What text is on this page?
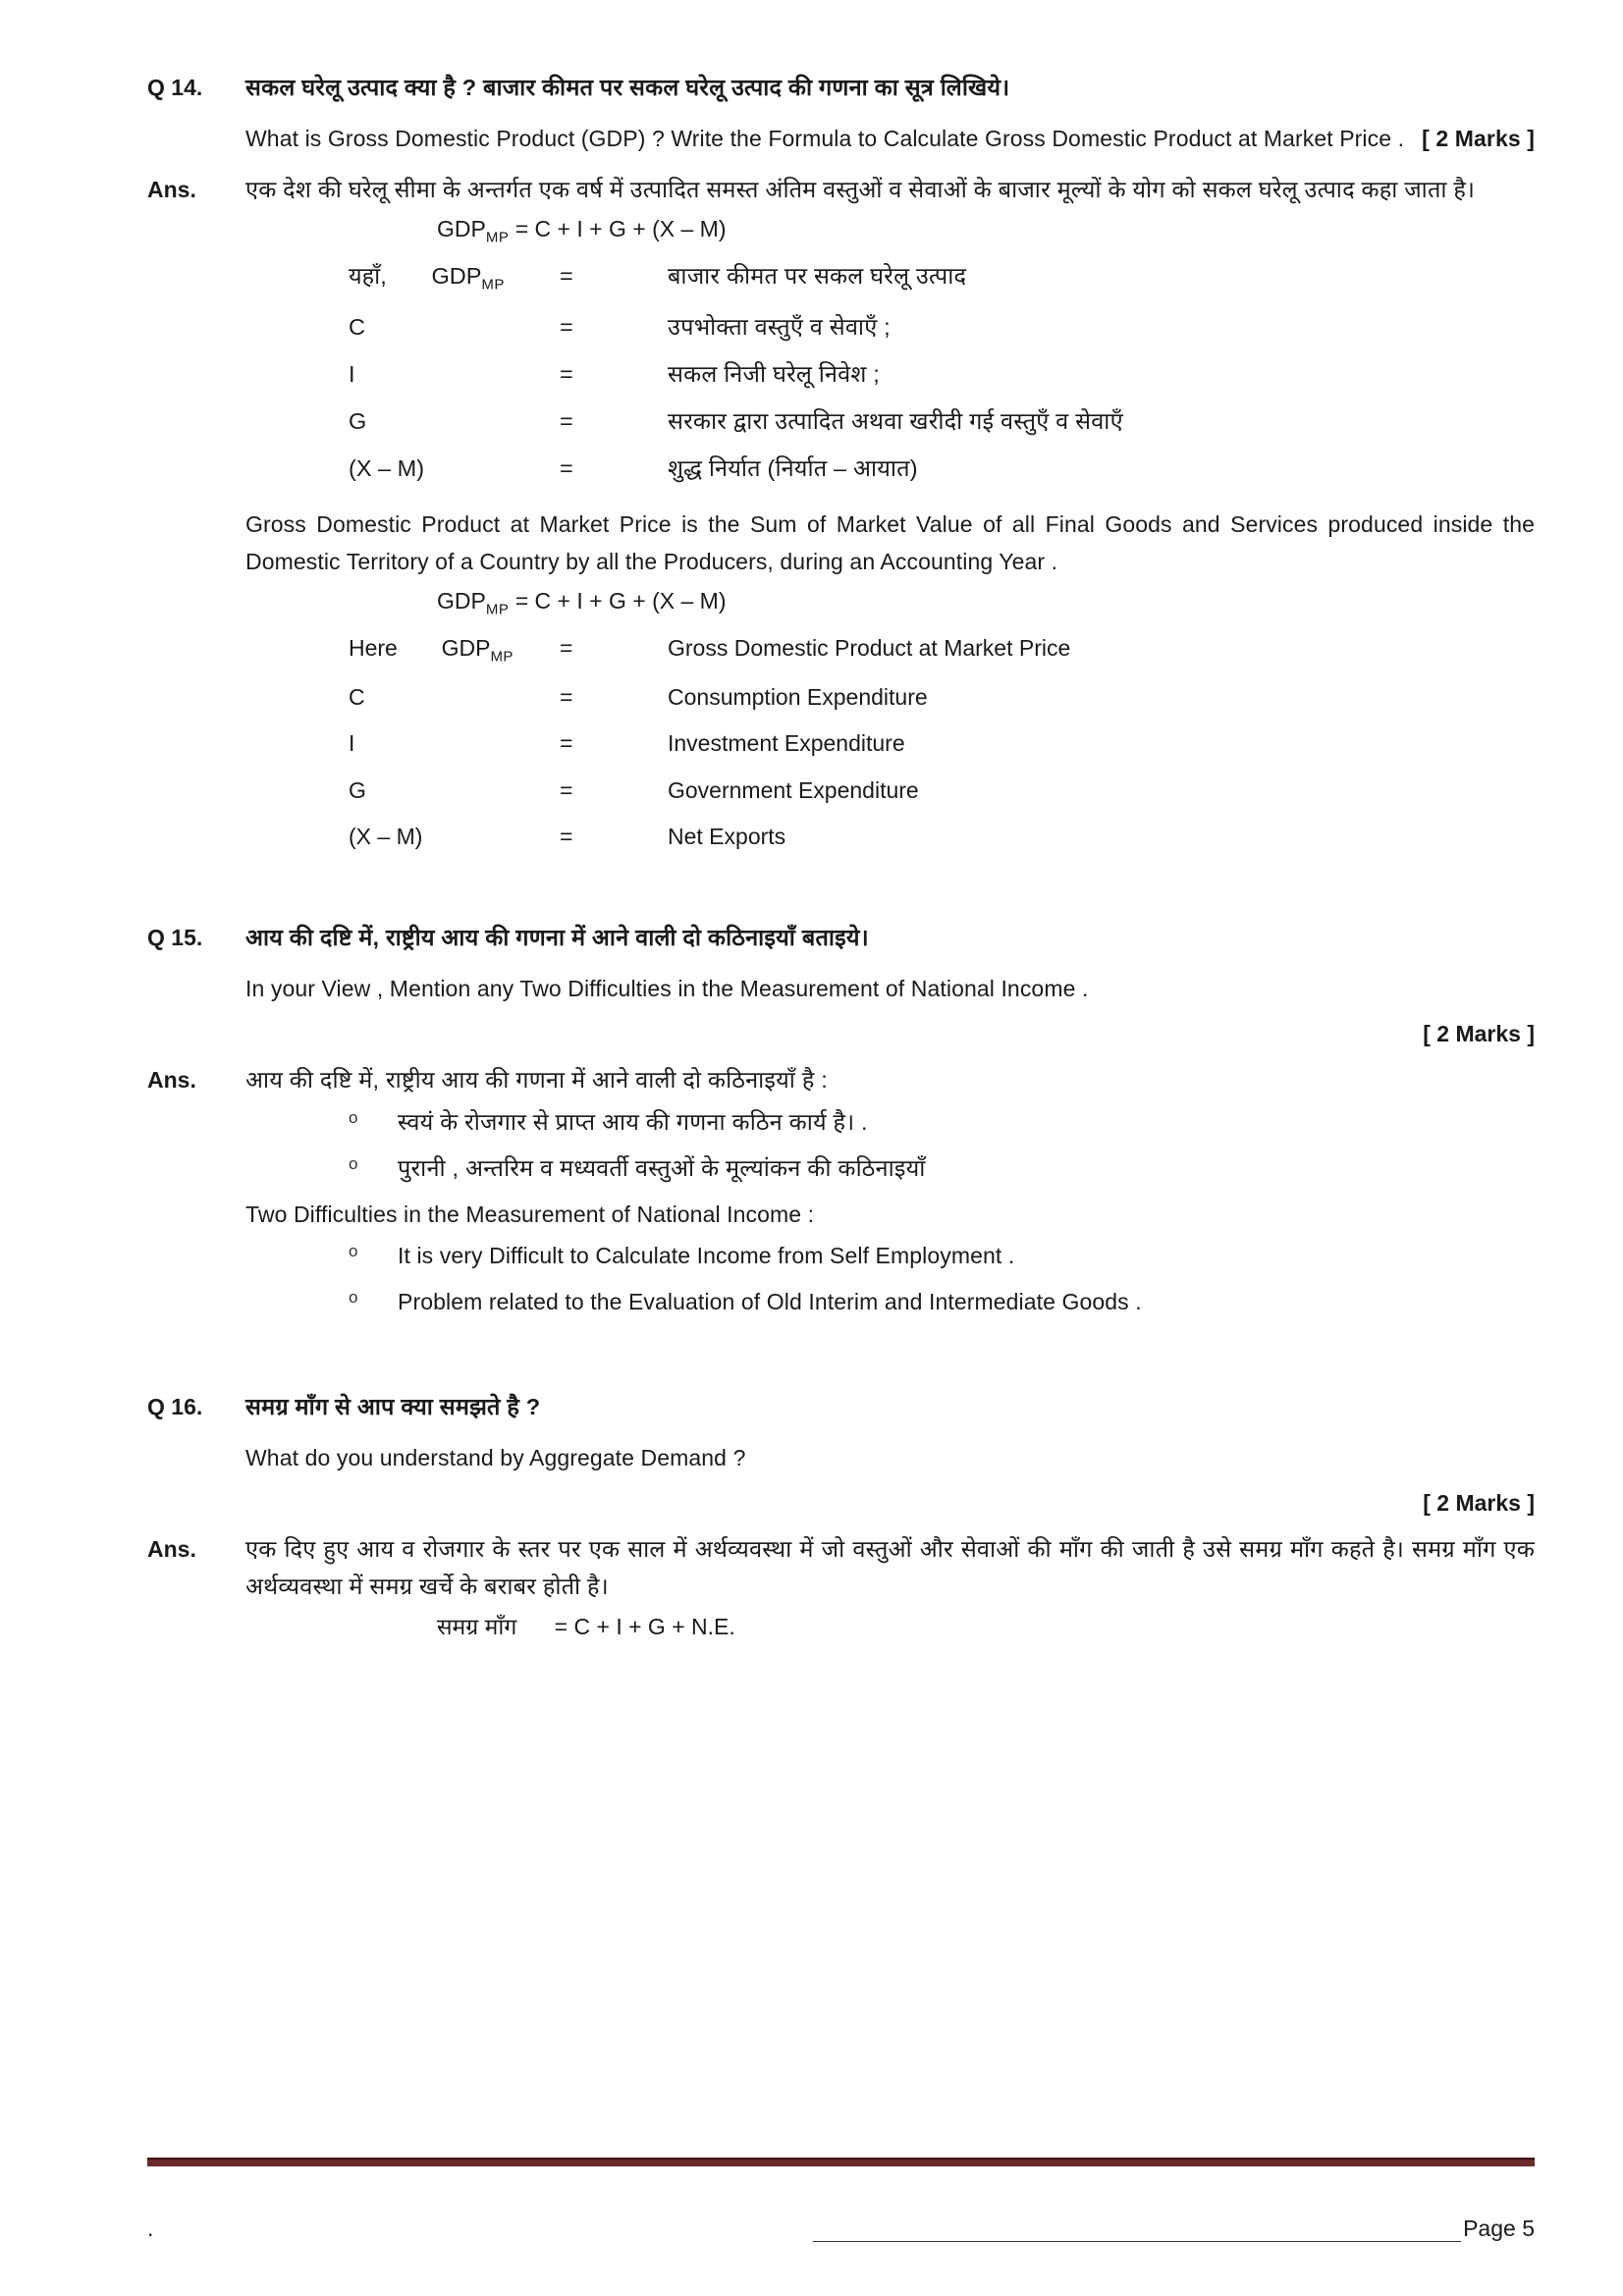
Q 14.	सकल घरेलू उत्पाद क्या है ? बाजार कीमत पर सकल घरेलू उत्पाद की गणना का सूत्र लिखिये।
What is Gross Domestic Product (GDP) ? Write the Formula to Calculate Gross Domestic Product at Market Price . [ 2 Marks ]
Ans.	एक देश की घरेलू सीमा के अन्तर्गत एक वर्ष में उत्पादित समस्त अंतिम वस्तुओं व सेवाओं के बाजार मूल्यों के योग को सकल घरेलू उत्पाद कहा जाता है।
$GDP_{MP} = C + I + G + (X - M)$
यहाँ, $GDP_{MP}$	=	बाजार कीमत पर सकल घरेलू उत्पाद
C	=	उपभोक्ता वस्तुएँ व सेवाएँ ;
I	=	सकल निजी घरेलू निवेश ;
G	=	सरकार द्वारा उत्पादित अथवा खरीदी गई वस्तुएँ व सेवाएँ
(X – M)	=	शुद्ध निर्यात (निर्यात – आयात)
Gross Domestic Product at Market Price is the Sum of Market Value of all Final Goods and Services produced inside the Domestic Territory of a Country by all the Producers, during an Accounting Year .
$GDP_{MP} = C + I + G + (X - M)$
Here $GDP_{MP}$	=	Gross Domestic Product at Market Price
C	=	Consumption Expenditure
I	=	Investment Expenditure
G	=	Government Expenditure
(X – M)	=	Net Exports
Q 15.	आय की दष्टि में, राष्ट्रीय आय की गणना में आने वाली दो कठिनाइयाँ बताइये।
In your View , Mention any Two Difficulties in the Measurement of National Income .
[ 2 Marks ]
Ans.	आय की दष्टि में, राष्ट्रीय आय की गणना में आने वाली दो कठिनाइयाँ है :
o	स्वयं के रोजगार से प्राप्त आय की गणना कठिन कार्य है। .
o	पुरानी , अन्तरिम व मध्यवर्ती वस्तुओं के मूल्यांकन की कठिनाइयाँ
Two Difficulties in the Measurement of National Income :
o	It is very Difficult to Calculate Income from Self Employment .
o	Problem related to the Evaluation of Old Interim and Intermediate Goods .
Q 16.	समग्र माँग से आप क्या समझते है ?
What do you understand by Aggregate Demand ?
[ 2 Marks ]
Ans.	एक दिए हुए आय व रोजगार के स्तर पर एक साल में अर्थव्यवस्था में जो वस्तुओं और सेवाओं की माँग की जाती है उसे समग्र माँग कहते है। समग्र माँग एक अर्थव्यवस्था में समग्र खर्चे के बराबर होती है।
समग्र माँग = C + I + G + N.E.
.	Page 5
